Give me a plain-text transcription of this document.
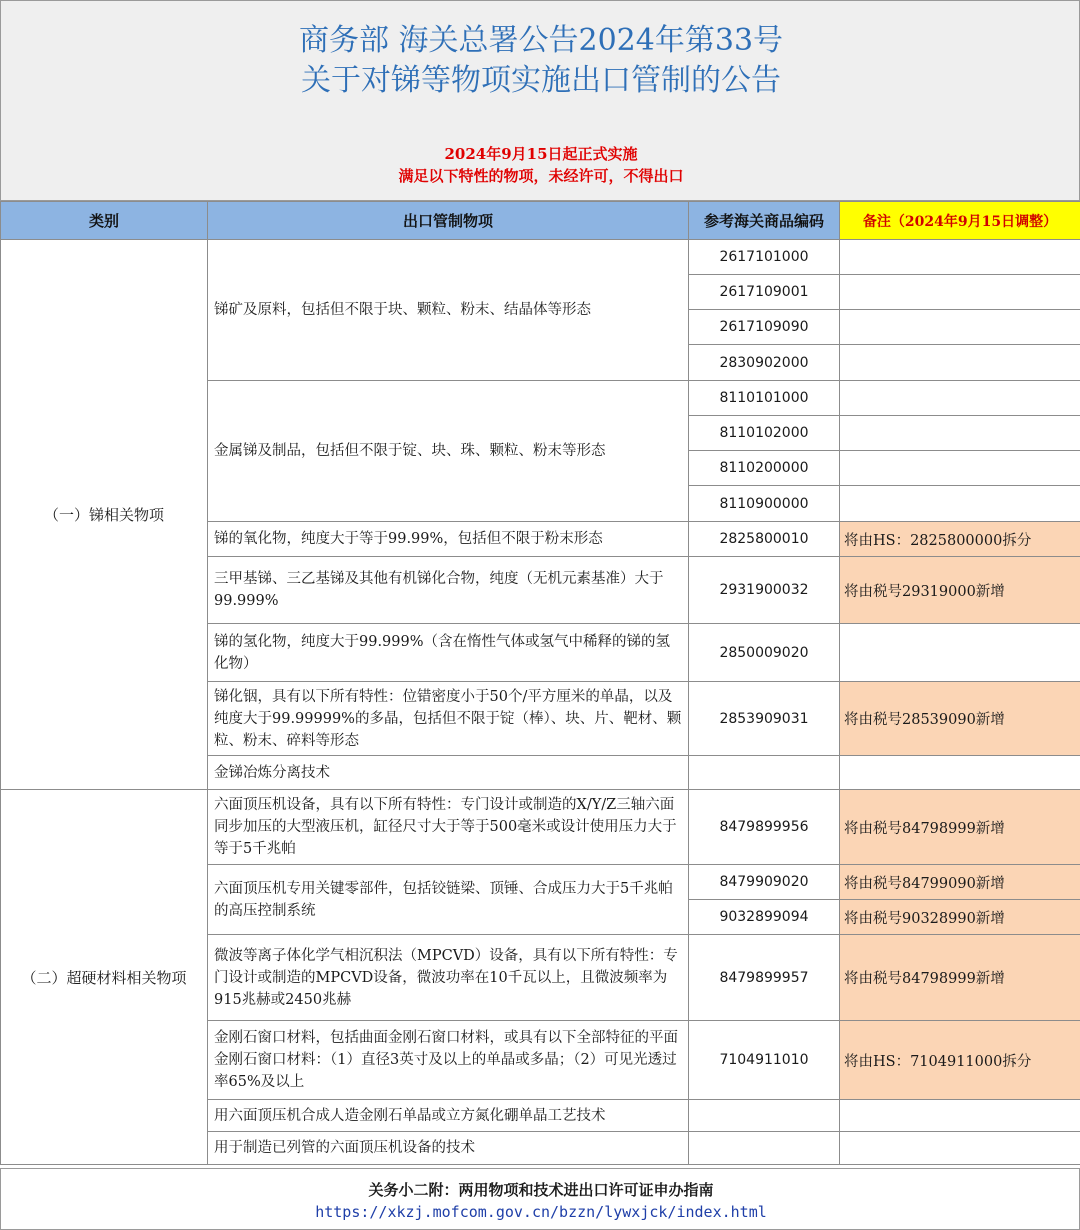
商务部 海关总署公告2024年第33号
关于对锑等物项实施出口管制的公告
2024年9月15日起正式实施
满足以下特性的物项，未经许可，不得出口
类别	出口管制物项	参考海关商品编码	备注（2024年9月15日调整）
（一）锑相关物项	锑矿及原料，包括但不限于块、颗粒、粉末、结晶体等形态	2617101000	
		2617109001	
		2617109090	
		2830902000	
	金属锑及制品，包括但不限于锭、块、珠、颗粒、粉末等形态	8110101000	
		8110102000	
		8110200000	
		8110900000	
	锑的氧化物，纯度大于等于99.99%，包括但不限于粉末形态	2825800010	将由HS：2825800000拆分
	三甲基锑、三乙基锑及其他有机锑化合物，纯度（无机元素基准）大于99.999%	2931900032	将由税号29319000新增
	锑的氢化物，纯度大于99.999%（含在惰性气体或氢气中稀释的锑的氢化物）	2850009020	
	锑化铟，具有以下所有特性：位错密度小于50个/平方厘米的单晶，以及纯度大于99.99999%的多晶，包括但不限于锭（棒）、块、片、靶材、颗粒、粉末、碎料等形态	2853909031	将由税号28539090新增
	金锑冶炼分离技术		
（二）超硬材料相关物项	六面顶压机设备，具有以下所有特性：专门设计或制造的X/Y/Z三轴六面同步加压的大型液压机，缸径尺寸大于等于500毫米或设计使用压力大于等于5千兆帕	8479899956	将由税号84798999新增
	六面顶压机专用关键零部件，包括铰链梁、顶锤、合成压力大于5千兆帕的高压控制系统	8479909020	将由税号84799090新增
		9032899094	将由税号90328990新增
	微波等离子体化学气相沉积法（MPCVD）设备，具有以下所有特性：专门设计或制造的MPCVD设备，微波功率在10千瓦以上，且微波频率为915兆赫或2450兆赫	8479899957	将由税号84798999新增
	金刚石窗口材料，包括曲面金刚石窗口材料，或具有以下全部特征的平面金刚石窗口材料：（1）直径3英寸及以上的单晶或多晶；（2）可见光透过率65%及以上	7104911010	将由HS：7104911000拆分
	用六面顶压机合成人造金刚石单晶或立方氮化硼单晶工艺技术		
	用于制造已列管的六面顶压机设备的技术		
关务小二附：两用物项和技术进出口许可证申办指南
https://xkzj.mofcom.gov.cn/bzzn/lywxjck/index.html
